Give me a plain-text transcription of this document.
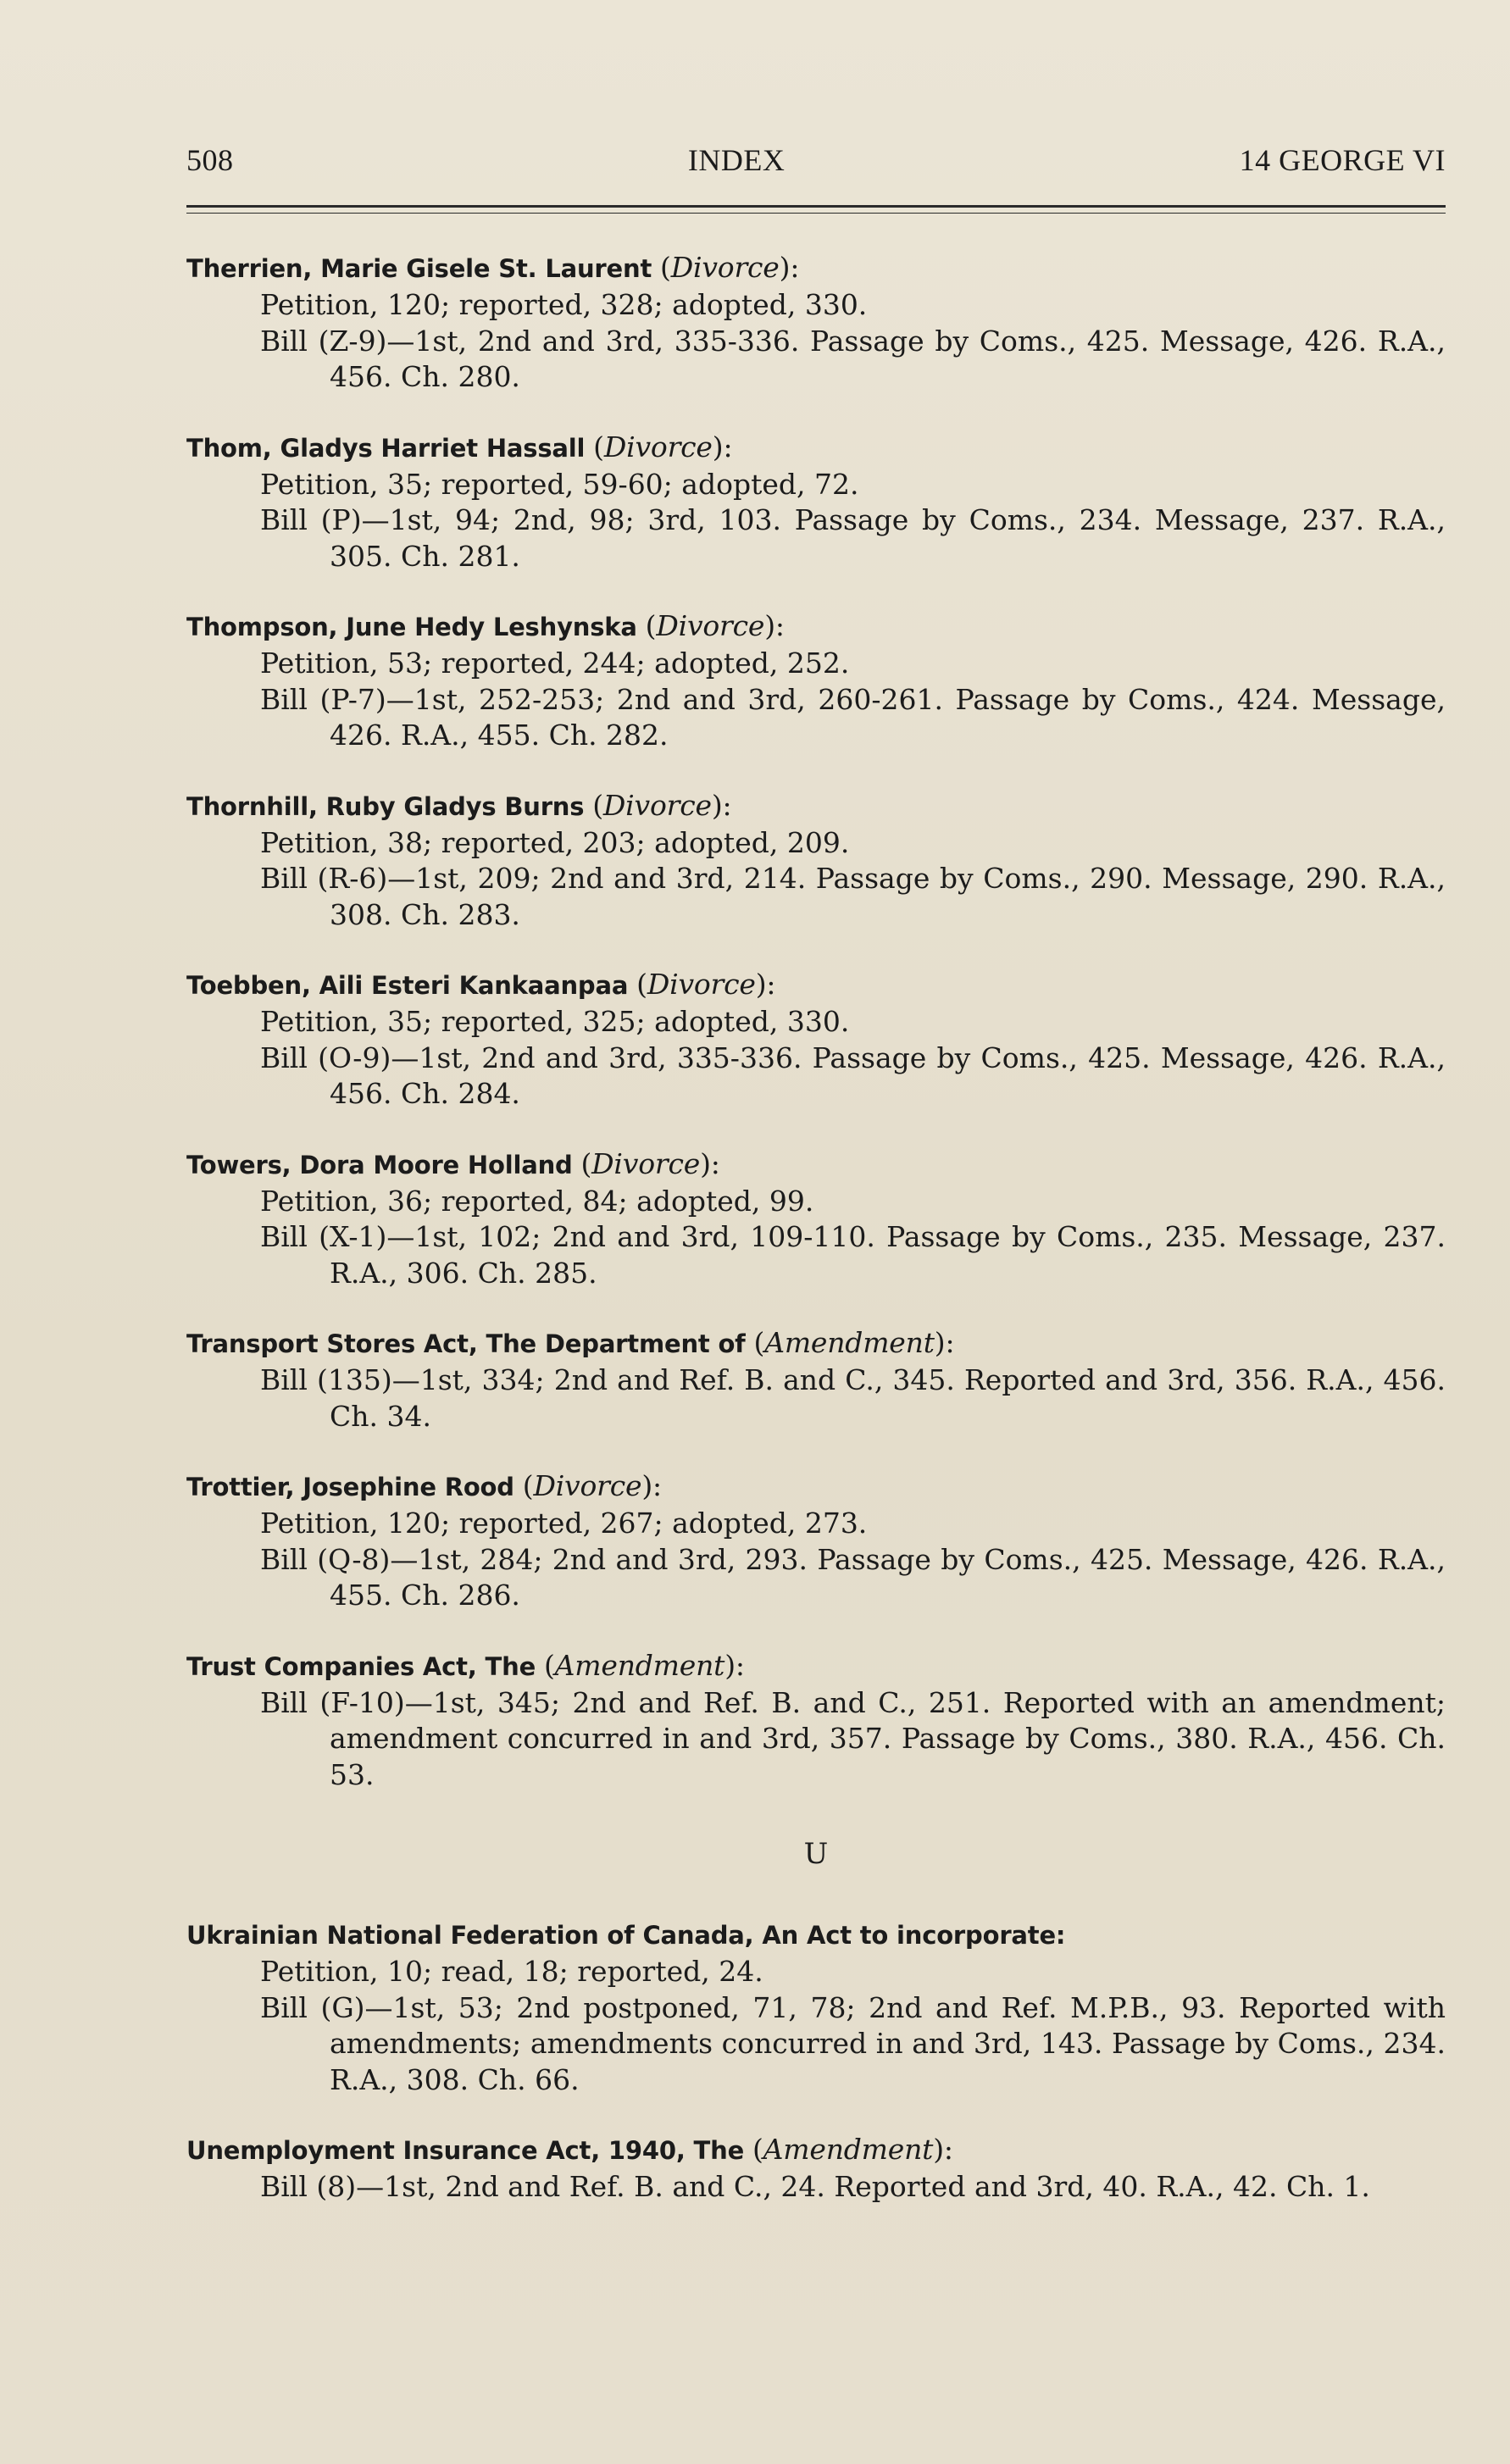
508	INDEX	14 GEORGE VI
Therrien, Marie Gisele St. Laurent (Divorce):
Petition, 120; reported, 328; adopted, 330.
Bill (Z-9)—1st, 2nd and 3rd, 335-336. Passage by Coms., 425. Message, 426. R.A., 456. Ch. 280.
Thom, Gladys Harriet Hassall (Divorce):
Petition, 35; reported, 59-60; adopted, 72.
Bill (P)—1st, 94; 2nd, 98; 3rd, 103. Passage by Coms., 234. Message, 237. R.A., 305. Ch. 281.
Thompson, June Hedy Leshynska (Divorce):
Petition, 53; reported, 244; adopted, 252.
Bill (P-7)—1st, 252-253; 2nd and 3rd, 260-261. Passage by Coms., 424. Message, 426. R.A., 455. Ch. 282.
Thornhill, Ruby Gladys Burns (Divorce):
Petition, 38; reported, 203; adopted, 209.
Bill (R-6)—1st, 209; 2nd and 3rd, 214. Passage by Coms., 290. Message, 290. R.A., 308. Ch. 283.
Toebben, Aili Esteri Kankaanpaa (Divorce):
Petition, 35; reported, 325; adopted, 330.
Bill (O-9)—1st, 2nd and 3rd, 335-336. Passage by Coms., 425. Message, 426. R.A., 456. Ch. 284.
Towers, Dora Moore Holland (Divorce):
Petition, 36; reported, 84; adopted, 99.
Bill (X-1)—1st, 102; 2nd and 3rd, 109-110. Passage by Coms., 235. Message, 237. R.A., 306. Ch. 285.
Transport Stores Act, The Department of (Amendment):
Bill (135)—1st, 334; 2nd and Ref. B. and C., 345. Reported and 3rd, 356. R.A., 456. Ch. 34.
Trottier, Josephine Rood (Divorce):
Petition, 120; reported, 267; adopted, 273.
Bill (Q-8)—1st, 284; 2nd and 3rd, 293. Passage by Coms., 425. Message, 426. R.A., 455. Ch. 286.
Trust Companies Act, The (Amendment):
Bill (F-10)—1st, 345; 2nd and Ref. B. and C., 251. Reported with an amendment; amendment concurred in and 3rd, 357. Passage by Coms., 380. R.A., 456. Ch. 53.
U
Ukrainian National Federation of Canada, An Act to incorporate:
Petition, 10; read, 18; reported, 24.
Bill (G)—1st, 53; 2nd postponed, 71, 78; 2nd and Ref. M.P.B., 93. Reported with amendments; amendments concurred in and 3rd, 143. Passage by Coms., 234. R.A., 308. Ch. 66.
Unemployment Insurance Act, 1940, The (Amendment):
Bill (8)—1st, 2nd and Ref. B. and C., 24. Reported and 3rd, 40. R.A., 42. Ch. 1.
